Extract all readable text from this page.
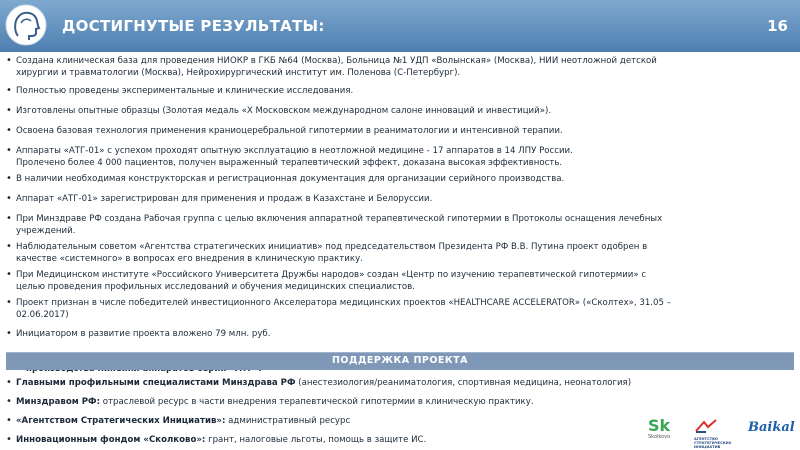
ДОСТИГНУТЫЕ РЕЗУЛЬТАТЫ:	16
• Создана клиническая база для проведения НИОКР в ГКБ №64 (Москва), Больница №1 УДП «Волынская» (Москва), НИИ неотложной детской
хирургии и травматологии (Москва), Нейрохирургический институт им. Поленова (С-Петербург).
• Полностью проведены экспериментальные и клинические исследования.
• Изготовлены опытные образцы (Золотая медаль «Х Московском международном салоне инноваций и инвестиций»).
• Освоена базовая технология применения краниоцеребральной гипотермии в реаниматологии и интенсивной терапии.
• Аппараты «АТГ-01» с успехом проходят опытную эксплуатацию в неотложной медицине - 17 аппаратов в 14 ЛПУ России.
Пролечено более 4 000 пациентов, получен выраженный терапевтический эффект, доказана высокая эффективность.
• В наличии необходимая конструкторская и регистрационная документация для организации серийного производства.
• Аппарат «АТГ-01» зарегистрирован для применения и продаж в Казахстане и Белоруссии.
• При Минздраве РФ создана Рабочая группа с целью включения аппаратной терапевтической гипотермии в Протоколы оснащения лечебных
учреждений.
• Наблюдательным советом «Агентства стратегических инициатив» под председательством Президента РФ В.В. Путина проект одобрен в
качестве «системного» в вопросах его внедрения в клиническую практику.
• При Медицинском институте «Российского Университета Дружбы народов» создан «Центр по изучению терапевтической гипотермии» с
целью проведения профильных исследований и обучения медицинских специалистов.
• Проект признан в числе победителей инвестиционного Акселератора медицинских проектов «HEALTHCARE ACCELERATOR» («Сколтех», 31.05 –
02.06.2017)
• Инициатором в развитие проекта вложено 79 млн. руб.
ПОДДЕРЖКА ПРОЕКТА
• Главными профильными специалистами Минздрава РФ (анестезиология/реаниматология, спортивная медицина, неонатология)
• Минздравом РФ: отраслевой ресурс в части внедрения терапевтической гипотермии в клиническую практику.
• «Агентством Стратегических Инициатив»: административный ресурс
• Инновационным фондом «Сколково»: грант, налоговые льготы, помощь в защите ИС.
Sk
Skolkovo	АГЕНТСТВО
СТРАТЕГИЧЕСКИХ
ИНИЦИАТИВ
Baikal
